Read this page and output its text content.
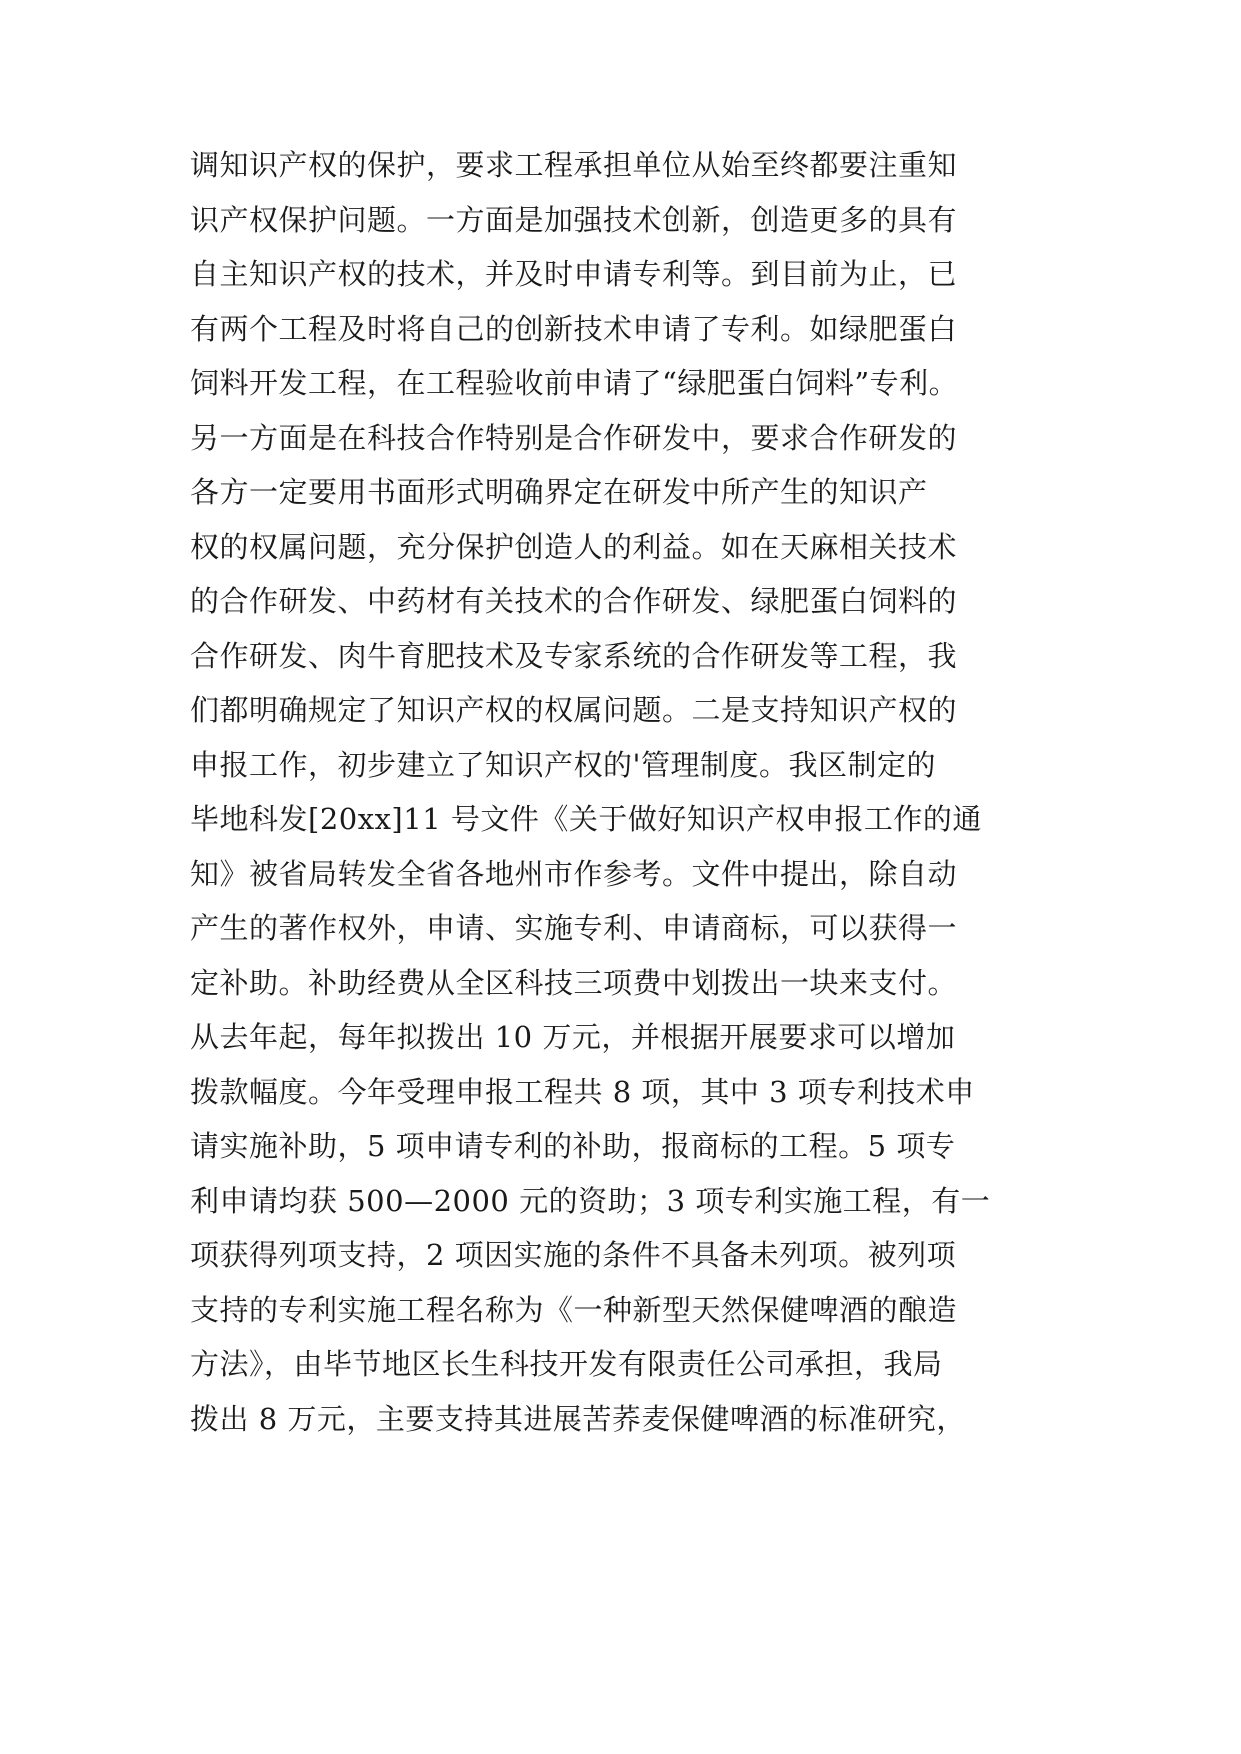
调知识产权的保护，要求工程承担单位从始至终都要注重知
识产权保护问题。一方面是加强技术创新，创造更多的具有
自主知识产权的技术，并及时申请专利等。到目前为止，已
有两个工程及时将自己的创新技术申请了专利。如绿肥蛋白
饲料开发工程，在工程验收前申请了“绿肥蛋白饲料”专利。
另一方面是在科技合作特别是合作研发中，要求合作研发的
各方一定要用书面形式明确界定在研发中所产生的知识产
权的权属问题，充分保护创造人的利益。如在天麻相关技术
的合作研发、中药材有关技术的合作研发、绿肥蛋白饲料的
合作研发、肉牛育肥技术及专家系统的合作研发等工程，我
们都明确规定了知识产权的权属问题。二是支持知识产权的
申报工作，初步建立了知识产权的'管理制度。我区制定的
毕地科发[20xx]11 号文件《关于做好知识产权申报工作的通
知》被省局转发全省各地州市作参考。文件中提出，除自动
产生的著作权外，申请、实施专利、申请商标，可以获得一
定补助。补助经费从全区科技三项费中划拨出一块来支付。
从去年起，每年拟拨出 10 万元，并根据开展要求可以增加
拨款幅度。今年受理申报工程共 8 项，其中 3 项专利技术申
请实施补助，5 项申请专利的补助，报商标的工程。5 项专
利申请均获 500—2000 元的资助；3 项专利实施工程，有一
项获得列项支持，2 项因实施的条件不具备未列项。被列项
支持的专利实施工程名称为《一种新型天然保健啤酒的酿造
方法》，由毕节地区长生科技开发有限责任公司承担，我局
拨出 8 万元，主要支持其进展苦荞麦保健啤酒的标准研究，
